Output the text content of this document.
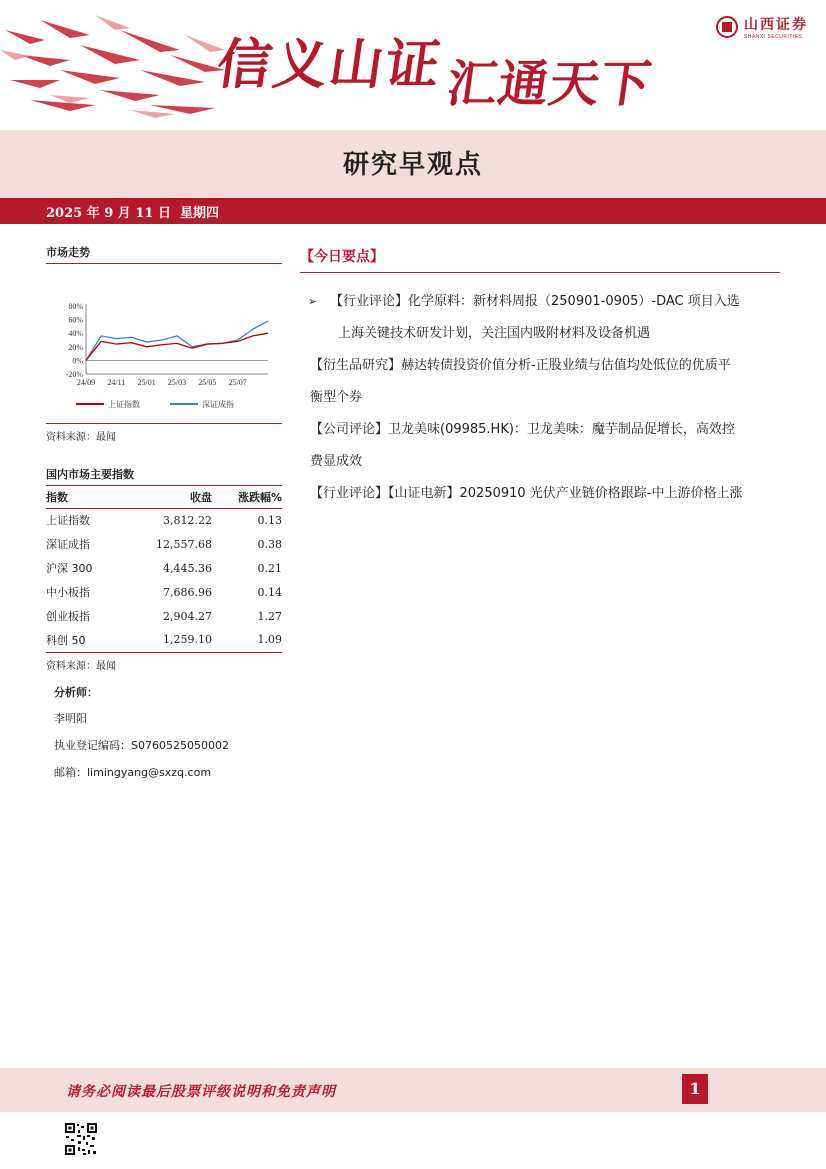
信义山证
汇通天下
山西证券
SHANXI SECURITIES
研究早观点
2025 年 9 月 11 日 星期四
市场走势
80%
60%
40%
20%
0%
-20%
24/09 24/11 25/01 25/03 25/05 25/07
上证指数	深证成指
资料来源：最闻
国内市场主要指数
指数	收盘	涨跌幅%
上证指数	3,812.22	0.13
深证成指	12,557.68	0.38
沪深 300	4,445.36	0.21
中小板指	7,686.96	0.14
创业板指	2,904.27	1.27
科创 50	1,259.10	1.09
资料来源：最闻
分析师：
李明阳
执业登记编码：S0760525050002
邮箱：limingyang@sxzq.com
【今日要点】
➢ 【行业评论】化学原料：新材料周报（250901-0905）-DAC 项目入选
上海关键技术研发计划，关注国内吸附材料及设备机遇
【衍生品研究】赫达转债投资价值分析-正股业绩与估值均处低位的优质平
衡型个券
【公司评论】卫龙美味(09985.HK)：卫龙美味：魔芋制品促增长，高效控
费显成效
【行业评论】【山证电新】20250910 光伏产业链价格跟踪-中上游价格上涨
请务必阅读最后股票评级说明和免责声明	1
